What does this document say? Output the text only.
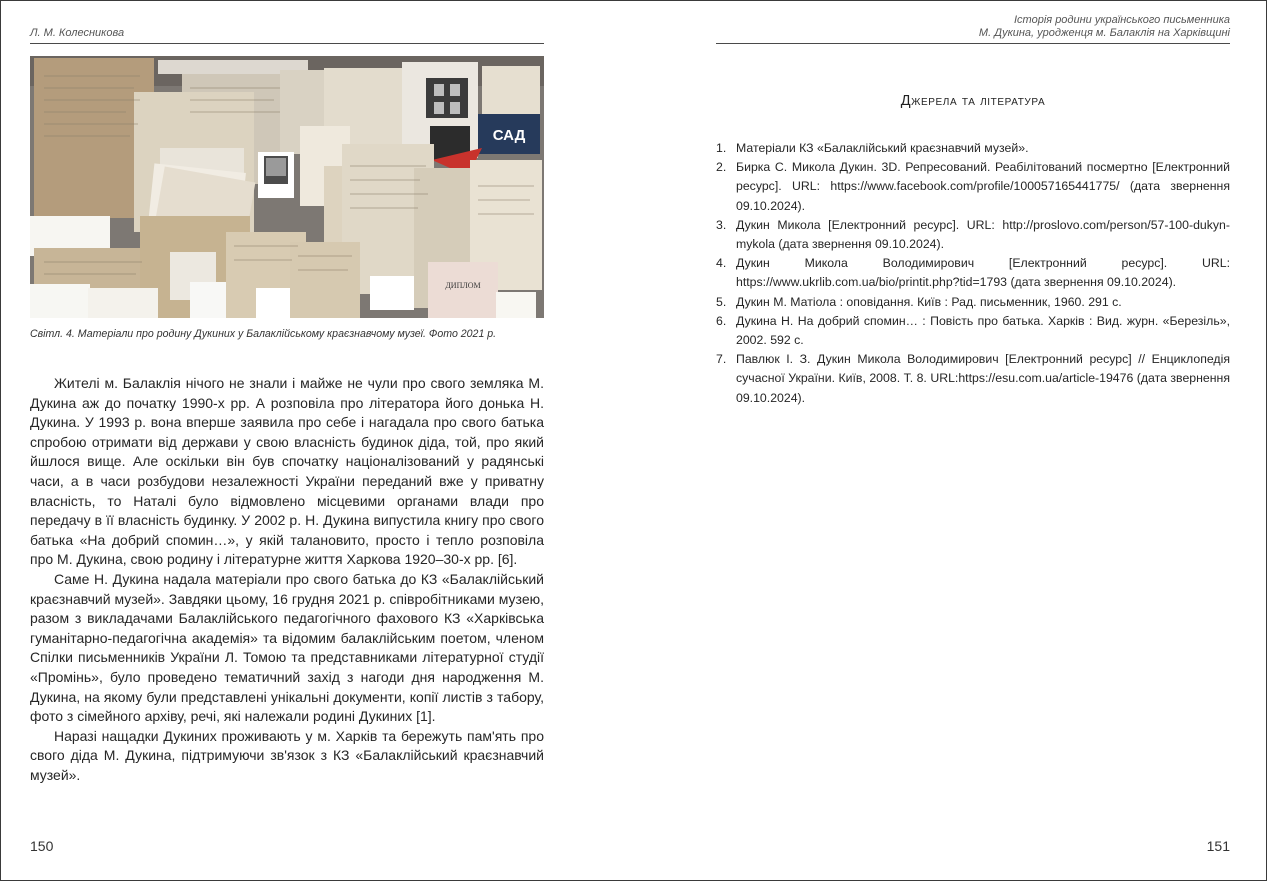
Л. М. Колесникова
САД
ДИПЛОМ
Світл. 4. Матеріали про родину Дукиних у Балаклійському краєзнавчому музеї. Фото 2021 р.

Жителі м. Балаклія нічого не знали і майже не чули про свого земляка М. Дукина аж до початку 1990-х рр. А розповіла про літератора його донька Н. Дукина. У 1993 р. вона вперше заявила про себе і нагадала про свого батька спробою отримати від держави у свою власність будинок діда, той, про який йшлося вище. Але оскільки він був спочатку націоналізований у радянські часи, а в часи розбудови незалежності України переданий вже у приватну власність, то Наталі було відмовлено місцевими органами влади про передачу в її власність будинку. У 2002 р. Н. Дукина випустила книгу про свого батька «На добрий спомин…», у якій талановито, просто і тепло розповіла про М. Дукина, свою родину і літературне життя Харкова 1920–30-х рр. [6].

Саме Н. Дукина надала матеріали про свого батька до КЗ «Балаклійський краєзнавчий музей». Завдяки цьому, 16 грудня 2021 р. співробітниками музею, разом з викладачами Балаклійського педагогічного фахового КЗ «Харківська гуманітарно-педагогічна академія» та відомим балаклійським поетом, членом Спілки письменників України Л. Томою та представниками літературної студії «Промінь», було проведено тематичний захід з нагоди дня народження М. Дукина, на якому були представлені унікальні документи, копії листів з табору, фото з сімейного архіву, речі, які належали родині Дукиних [1].

Наразі нащадки Дукиних проживають у м. Харків та бережуть пам'ять про свого діда М. Дукина, підтримуючи зв'язок з КЗ «Балаклійський краєзнавчий музей».

150
Історія родини українського письменника
М. Дукина, уродженця м. Балаклія на Харківщині
Джерела та література
1. Матеріали КЗ «Балаклійський краєзнавчий музей».
2. Бирка С. Микола Дукин. 3D. Репресований. Реабілітований посмертно [Електронний ресурс]. URL: https://www.facebook.com/profile/100057165441775/ (дата звернення 09.10.2024).
3. Дукин Микола [Електронний ресурс]. URL: http://proslovo.com/person/57-100-dukyn-mykola (дата звернення 09.10.2024).
4. Дукин Микола Володимирович [Електронний ресурс]. URL: https://www.ukrlib.com.ua/bio/printit.php?tid=1793 (дата звернення 09.10.2024).
5. Дукин М. Матіола : оповідання. Київ : Рад. письменник, 1960. 291 с.
6. Дукина Н. На добрий спомин… : Повість про батька. Харків : Вид. журн. «Березіль», 2002. 592 с.
7. Павлюк І. З. Дукин Микола Володимирович [Електронний ресурс] // Енциклопедія сучасної України. Київ, 2008. Т. 8. URL:https://esu.com.ua/article-19476 (дата звернення 09.10.2024).
151
